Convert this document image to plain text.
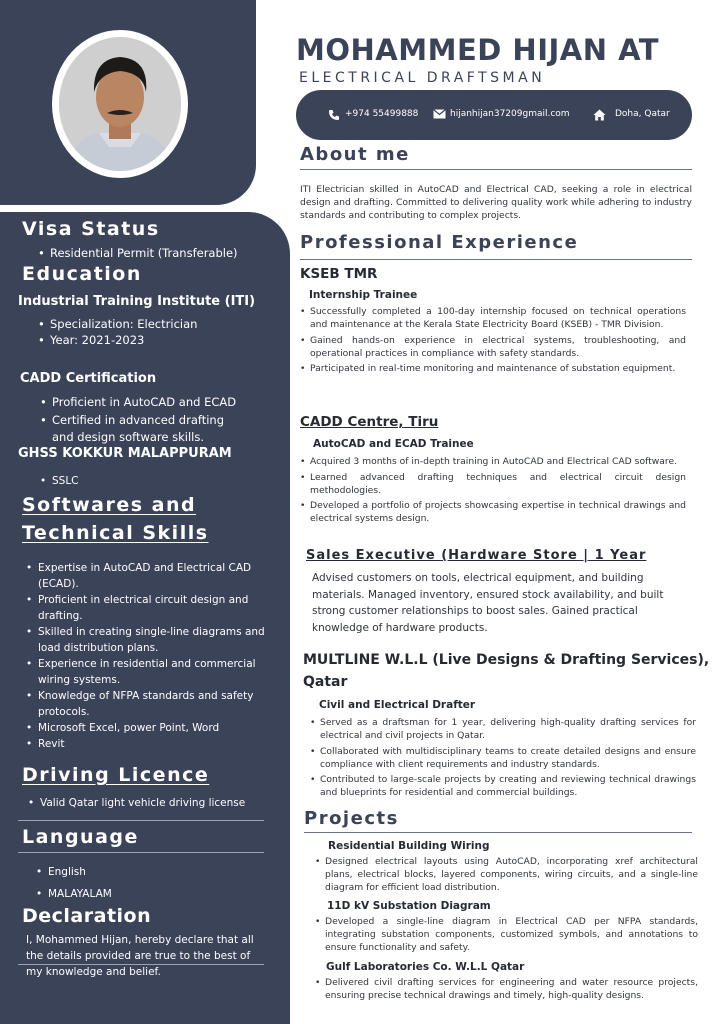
Visa Status
• Residential Permit (Transferable)
Education
Industrial Training Institute (ITI)
• Specialization: Electrician
• Year: 2021-2023
CADD Certification
• Proficient in AutoCAD and ECAD
• Certified in advanced drafting
and design software skills.
GHSS KOKKUR MALAPPURAM
• SSLC
Softwares and
Technical Skills
• Expertise in AutoCAD and Electrical CAD (ECAD).
• Proficient in electrical circuit design and drafting.
• Skilled in creating single-line diagrams and load distribution plans.
• Experience in residential and commercial wiring systems.
• Knowledge of NFPA standards and safety protocols.
• Microsoft Excel, power Point, Word
• Revit
Driving Licence
• Valid Qatar light vehicle driving license
Language
• English
• MALAYALAM
Declaration
I, Mohammed Hijan, hereby declare that all the details provided are true to the best of my knowledge and belief.
MOHAMMED HIJAN AT
ELECTRICAL DRAFTSMAN
+974 55499888	hijanhijan37209gmail.com	Doha, Qatar
About me
ITI Electrician skilled in AutoCAD and Electrical CAD, seeking a role in electrical design and drafting. Committed to delivering quality work while adhering to industry standards and contributing to complex projects.
Professional Experience
KSEB TMR
Internship Trainee
• Successfully completed a 100-day internship focused on technical operations and maintenance at the Kerala State Electricity Board (KSEB) - TMR Division.
• Gained hands-on experience in electrical systems, troubleshooting, and operational practices in compliance with safety standards.
• Participated in real-time monitoring and maintenance of substation equipment.
CADD Centre, Tiru
AutoCAD and ECAD Trainee
• Acquired 3 months of in-depth training in AutoCAD and Electrical CAD software.
• Learned advanced drafting techniques and electrical circuit design methodologies.
• Developed a portfolio of projects showcasing expertise in technical drawings and electrical systems design.
Sales Executive (Hardware Store | 1 Year
Advised customers on tools, electrical equipment, and building materials. Managed inventory, ensured stock availability, and built strong customer relationships to boost sales. Gained practical knowledge of hardware products.
MULTLINE W.L.L (Live Designs & Drafting Services),
Qatar
Civil and Electrical Drafter
• Served as a draftsman for 1 year, delivering high-quality drafting services for electrical and civil projects in Qatar.
• Collaborated with multidisciplinary teams to create detailed designs and ensure compliance with client requirements and industry standards.
• Contributed to large-scale projects by creating and reviewing technical drawings and blueprints for residential and commercial buildings.
Projects
Residential Building Wiring
• Designed electrical layouts using AutoCAD, incorporating xref architectural plans, electrical blocks, layered components, wiring circuits, and a single-line diagram for efficient load distribution.
11D kV Substation Diagram
• Developed a single-line diagram in Electrical CAD per NFPA standards, integrating substation components, customized symbols, and annotations to ensure functionality and safety.
Gulf Laboratories Co. W.L.L Qatar
• Delivered civil drafting services for engineering and water resource projects, ensuring precise technical drawings and timely, high-quality designs.
